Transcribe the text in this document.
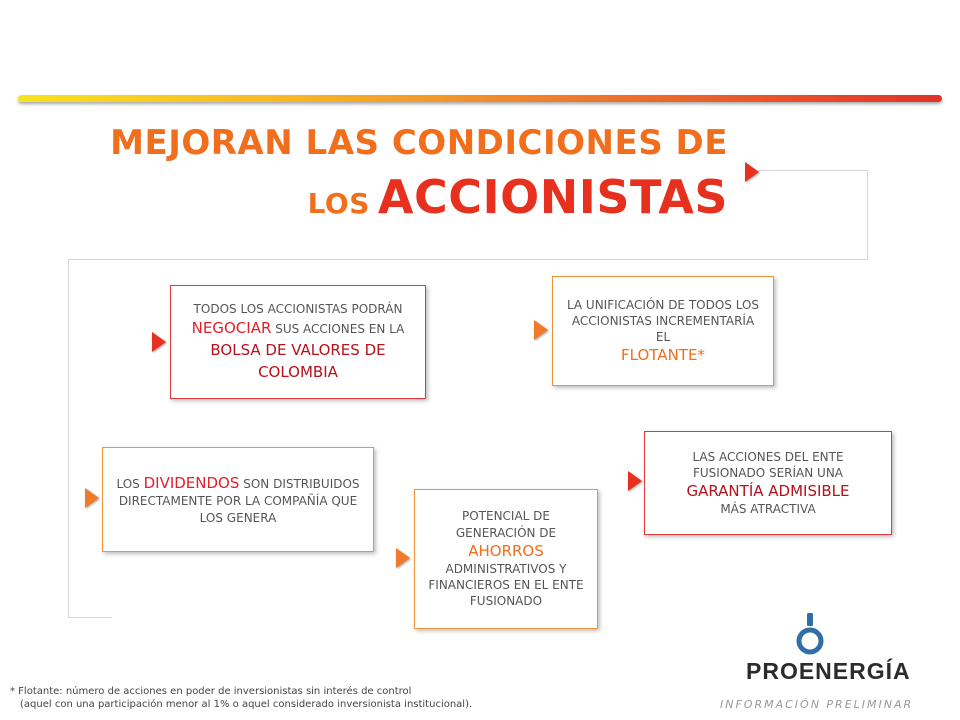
MEJORAN LAS CONDICIONES DE
LOS ACCIONISTAS
TODOS LOS ACCIONISTAS PODRÁN NEGOCIAR SUS ACCIONES EN LA BOLSA DE VALORES DE COLOMBIA
LA UNIFICACIÓN DE TODOS LOS ACCIONISTAS INCREMENTARÍA EL
FLOTANTE*
LOS DIVIDENDOS SON DISTRIBUIDOS DIRECTAMENTE POR LA COMPAÑÍA QUE LOS GENERA	POTENCIAL DE GENERACIÓN DE
AHORROS
ADMINISTRATIVOS Y FINANCIEROS EN EL ENTE FUSIONADO
LAS ACCIONES DEL ENTE FUSIONADO SERÍAN UNA
GARANTÍA ADMISIBLE
MÁS ATRACTIVA
* Flotante: número de acciones en poder de inversionistas sin interés de control
(aquel con una participación menor al 1% o aquel considerado inversionista institucional).
PROENERGÍA
INFORMACIÓN PRELIMINAR
